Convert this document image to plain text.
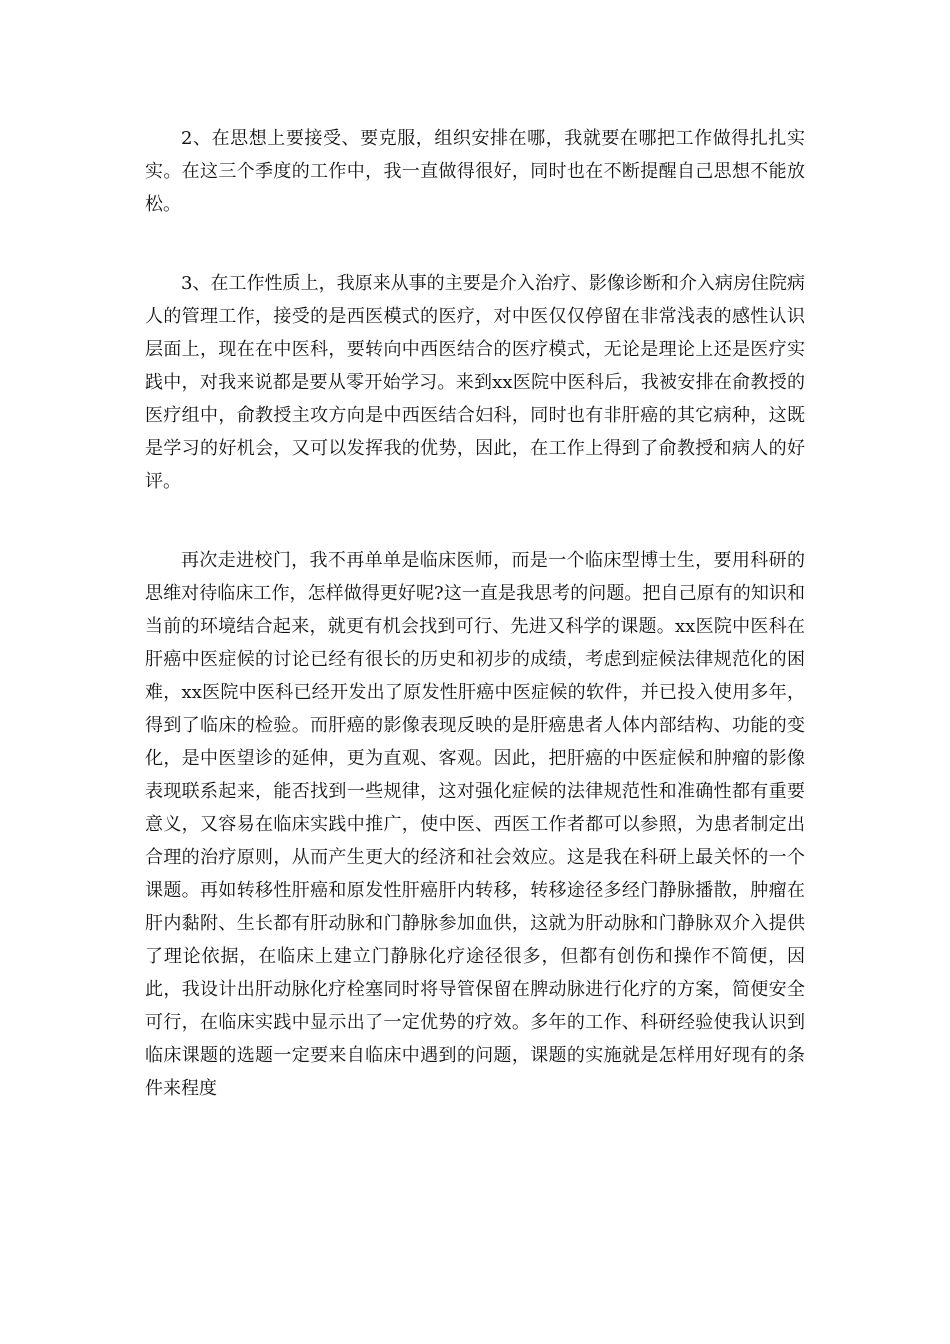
2、在思想上要接受、要克服，组织安排在哪，我就要在哪把工作做得扎扎实实。在这三个季度的工作中，我一直做得很好，同时也在不断提醒自己思想不能放松。

3、在工作性质上，我原来从事的主要是介入治疗、影像诊断和介入病房住院病人的管理工作，接受的是西医模式的医疗，对中医仅仅停留在非常浅表的感性认识层面上，现在在中医科，要转向中西医结合的医疗模式，无论是理论上还是医疗实践中，对我来说都是要从零开始学习。来到xx医院中医科后，我被安排在俞教授的医疗组中，俞教授主攻方向是中西医结合妇科，同时也有非肝癌的其它病种，这既是学习的好机会，又可以发挥我的优势，因此，在工作上得到了俞教授和病人的好评。

再次走进校门，我不再单单是临床医师，而是一个临床型博士生，要用科研的思维对待临床工作，怎样做得更好呢?这一直是我思考的问题。把自己原有的知识和当前的环境结合起来，就更有机会找到可行、先进又科学的课题。xx医院中医科在肝癌中医症候的讨论已经有很长的历史和初步的成绩，考虑到症候法律规范化的困难，xx医院中医科已经开发出了原发性肝癌中医症候的软件，并已投入使用多年，得到了临床的检验。而肝癌的影像表现反映的是肝癌患者人体内部结构、功能的变化，是中医望诊的延伸，更为直观、客观。因此，把肝癌的中医症候和肿瘤的影像表现联系起来，能否找到一些规律，这对强化症候的法律规范性和准确性都有重要意义，又容易在临床实践中推广，使中医、西医工作者都可以参照，为患者制定出合理的治疗原则，从而产生更大的经济和社会效应。这是我在科研上最关怀的一个课题。再如转移性肝癌和原发性肝癌肝内转移，转移途径多经门静脉播散，肿瘤在肝内黏附、生长都有肝动脉和门静脉参加血供，这就为肝动脉和门静脉双介入提供了理论依据，在临床上建立门静脉化疗途径很多，但都有创伤和操作不简便，因此，我设计出肝动脉化疗栓塞同时将导管保留在脾动脉进行化疗的方案，简便安全可行，在临床实践中显示出了一定优势的疗效。多年的工作、科研经验使我认识到临床课题的选题一定要来自临床中遇到的问题，课题的实施就是怎样用好现有的条件来程度
